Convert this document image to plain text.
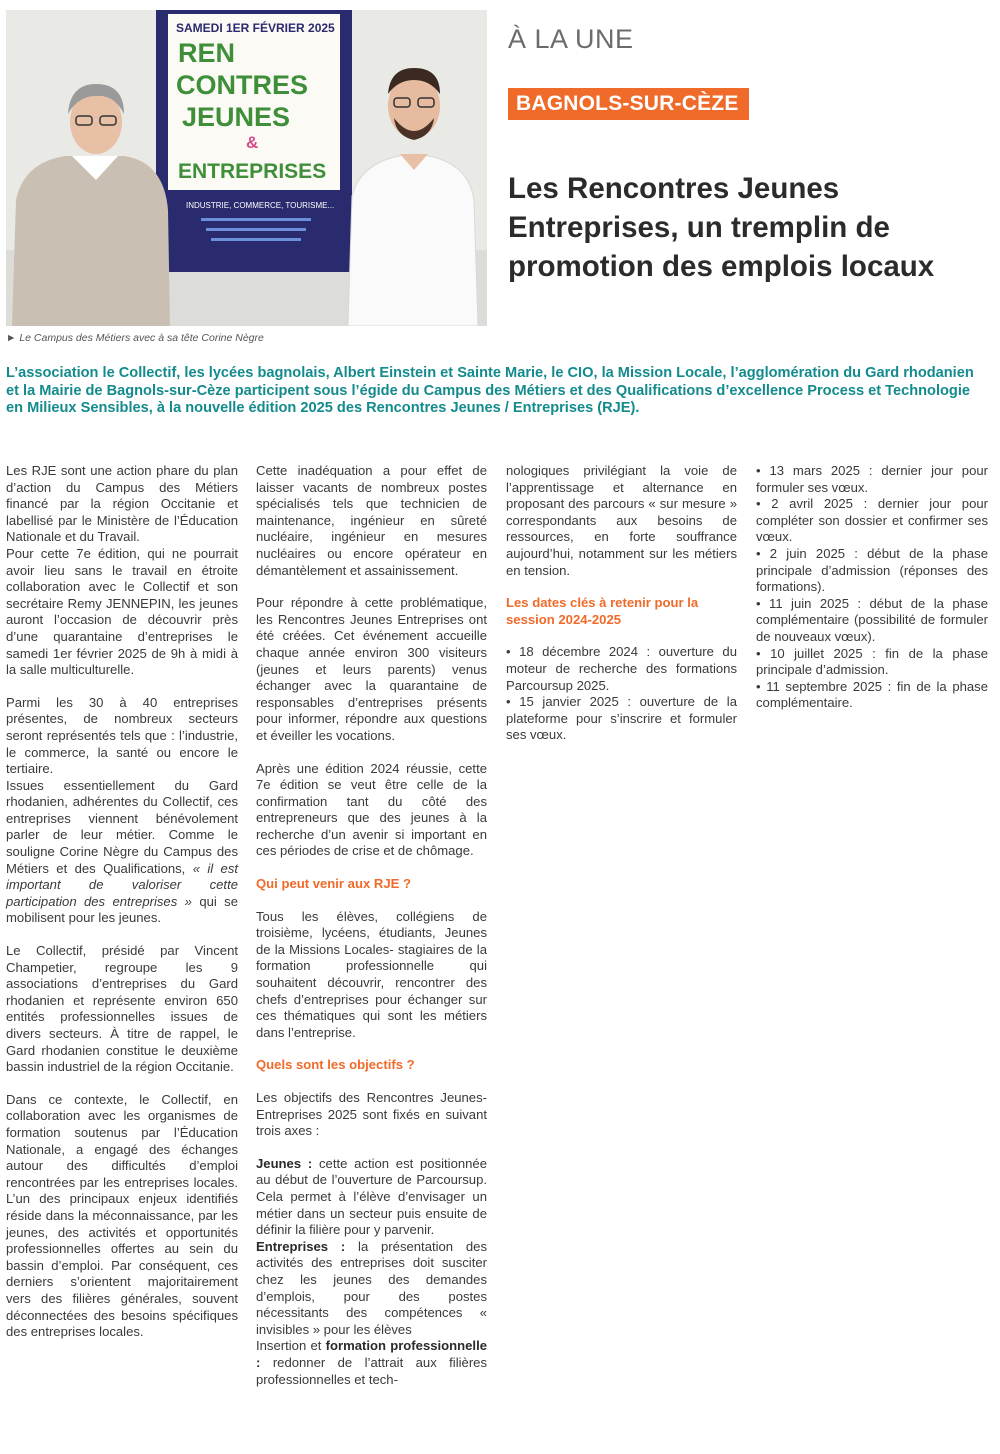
SAMEDI 1ER FÉVRIER 2025
REN
CONTRES
JEUNES
&
ENTREPRISES
INDUSTRIE, COMMERCE, TOURISME...
► Le Campus des Métiers avec à sa tête Corine Nègre
À LA UNE
BAGNOLS-SUR-CÈZE
Les Rencontres Jeunes Entreprises, un tremplin de promotion des emplois locaux

L’association le Collectif, les lycées bagnolais, Albert Einstein et Sainte Marie, le CIO, la Mission Locale, l’agglomération du Gard rhodanien et la Mairie de Bagnols-sur-Cèze participent sous l’égide du Campus des Métiers et des Qualifications d’excellence Process et Technologie en Milieux Sensibles, à la nouvelle édition 2025 des Rencontres Jeunes / Entreprises (RJE).

Les RJE sont une action phare du plan d’action du Campus des Métiers financé par la région Occitanie et labellisé par le Ministère de l’Éducation Nationale et du Travail.

Pour cette 7e édition, qui ne pourrait avoir lieu sans le travail en étroite collaboration avec le Collectif et son secrétaire Remy JENNEPIN, les jeunes auront l’occasion de découvrir près d’une quarantaine d’entreprises le samedi 1er février 2025 de 9h à midi à la salle multiculturelle.

Parmi les 30 à 40 entreprises présentes, de nombreux secteurs seront représentés tels que : l’industrie, le commerce, la santé ou encore le tertiaire.

Issues essentiellement du Gard rhodanien, adhérentes du Collectif, ces entreprises viennent bénévolement parler de leur métier. Comme le souligne Corine Nègre du Campus des Métiers et des Qualifications, « il est important de valoriser cette participation des entreprises » qui se mobilisent pour les jeunes.

Le Collectif, présidé par Vincent Champetier, regroupe les 9 associations d’entreprises du Gard rhodanien et représente environ 650 entités professionnelles issues de divers secteurs. À titre de rappel, le Gard rhodanien constitue le deuxième bassin industriel de la région Occitanie.

Dans ce contexte, le Collectif, en collaboration avec les organismes de formation soutenus par l’Éducation Nationale, a engagé des échanges autour des difficultés d’emploi rencontrées par les entreprises locales. L’un des principaux enjeux identifiés réside dans la méconnaissance, par les jeunes, des activités et opportunités professionnelles offertes au sein du bassin d’emploi. Par conséquent, ces derniers s’orientent majoritairement vers des filières générales, souvent déconnectées des besoins spécifiques des entreprises locales.

Cette inadéquation a pour effet de laisser vacants de nombreux postes spécialisés tels que technicien de maintenance, ingénieur en sûreté nucléaire, ingénieur en mesures nucléaires ou encore opérateur en démantèlement et assainissement.

Pour répondre à cette problématique, les Rencontres Jeunes Entreprises ont été créées. Cet événement accueille chaque année environ 300 visiteurs (jeunes et leurs parents) venus échanger avec la quarantaine de responsables d’entreprises présents pour informer, répondre aux questions et éveiller les vocations.

Après une édition 2024 réussie, cette 7e édition se veut être celle de la confirmation tant du côté des entrepreneurs que des jeunes à la recherche d’un avenir si important en ces périodes de crise et de chômage.

Qui peut venir aux RJE ?

Tous les élèves, collégiens de troisième, lycéens, étudiants, Jeunes de la Missions Locales- stagiaires de la formation professionnelle qui souhaitent découvrir, rencontrer des chefs d’entreprises pour échanger sur ces thématiques qui sont les métiers dans l’entreprise.

Quels sont les objectifs ?

Les objectifs des Rencontres Jeunes- Entreprises 2025 sont fixés en suivant trois axes :

Jeunes : cette action est positionnée au début de l’ouverture de Parcoursup. Cela permet à l’élève d’envisager un métier dans un secteur puis ensuite de définir la filière pour y parvenir.

Entreprises : la présentation des activités des entreprises doit susciter chez les jeunes des demandes d’emplois, pour des postes nécessitants des compétences « invisibles » pour les élèves

Insertion et formation professionnelle : redonner de l’attrait aux filières professionnelles et tech-

nologiques privilégiant la voie de l’apprentissage et alternance en proposant des parcours « sur mesure » correspondants aux besoins de ressources, en forte souffrance aujourd’hui, notamment sur les métiers en tension.

Les dates clés à retenir pour la session 2024-2025

• 18 décembre 2024 : ouverture du moteur de recherche des formations Parcoursup 2025.
• 15 janvier 2025 : ouverture de la plateforme pour s’inscrire et formuler ses vœux.
• 13 mars 2025 : dernier jour pour formuler ses vœux.
• 2 avril 2025 : dernier jour pour compléter son dossier et confirmer ses vœux.
• 2 juin 2025 : début de la phase principale d’admission (réponses des formations).
• 11 juin 2025 : début de la phase complémentaire (possibilité de formuler de nouveaux vœux).
• 10 juillet 2025 : fin de la phase principale d’admission.
• 11 septembre 2025 : fin de la phase complémentaire.
